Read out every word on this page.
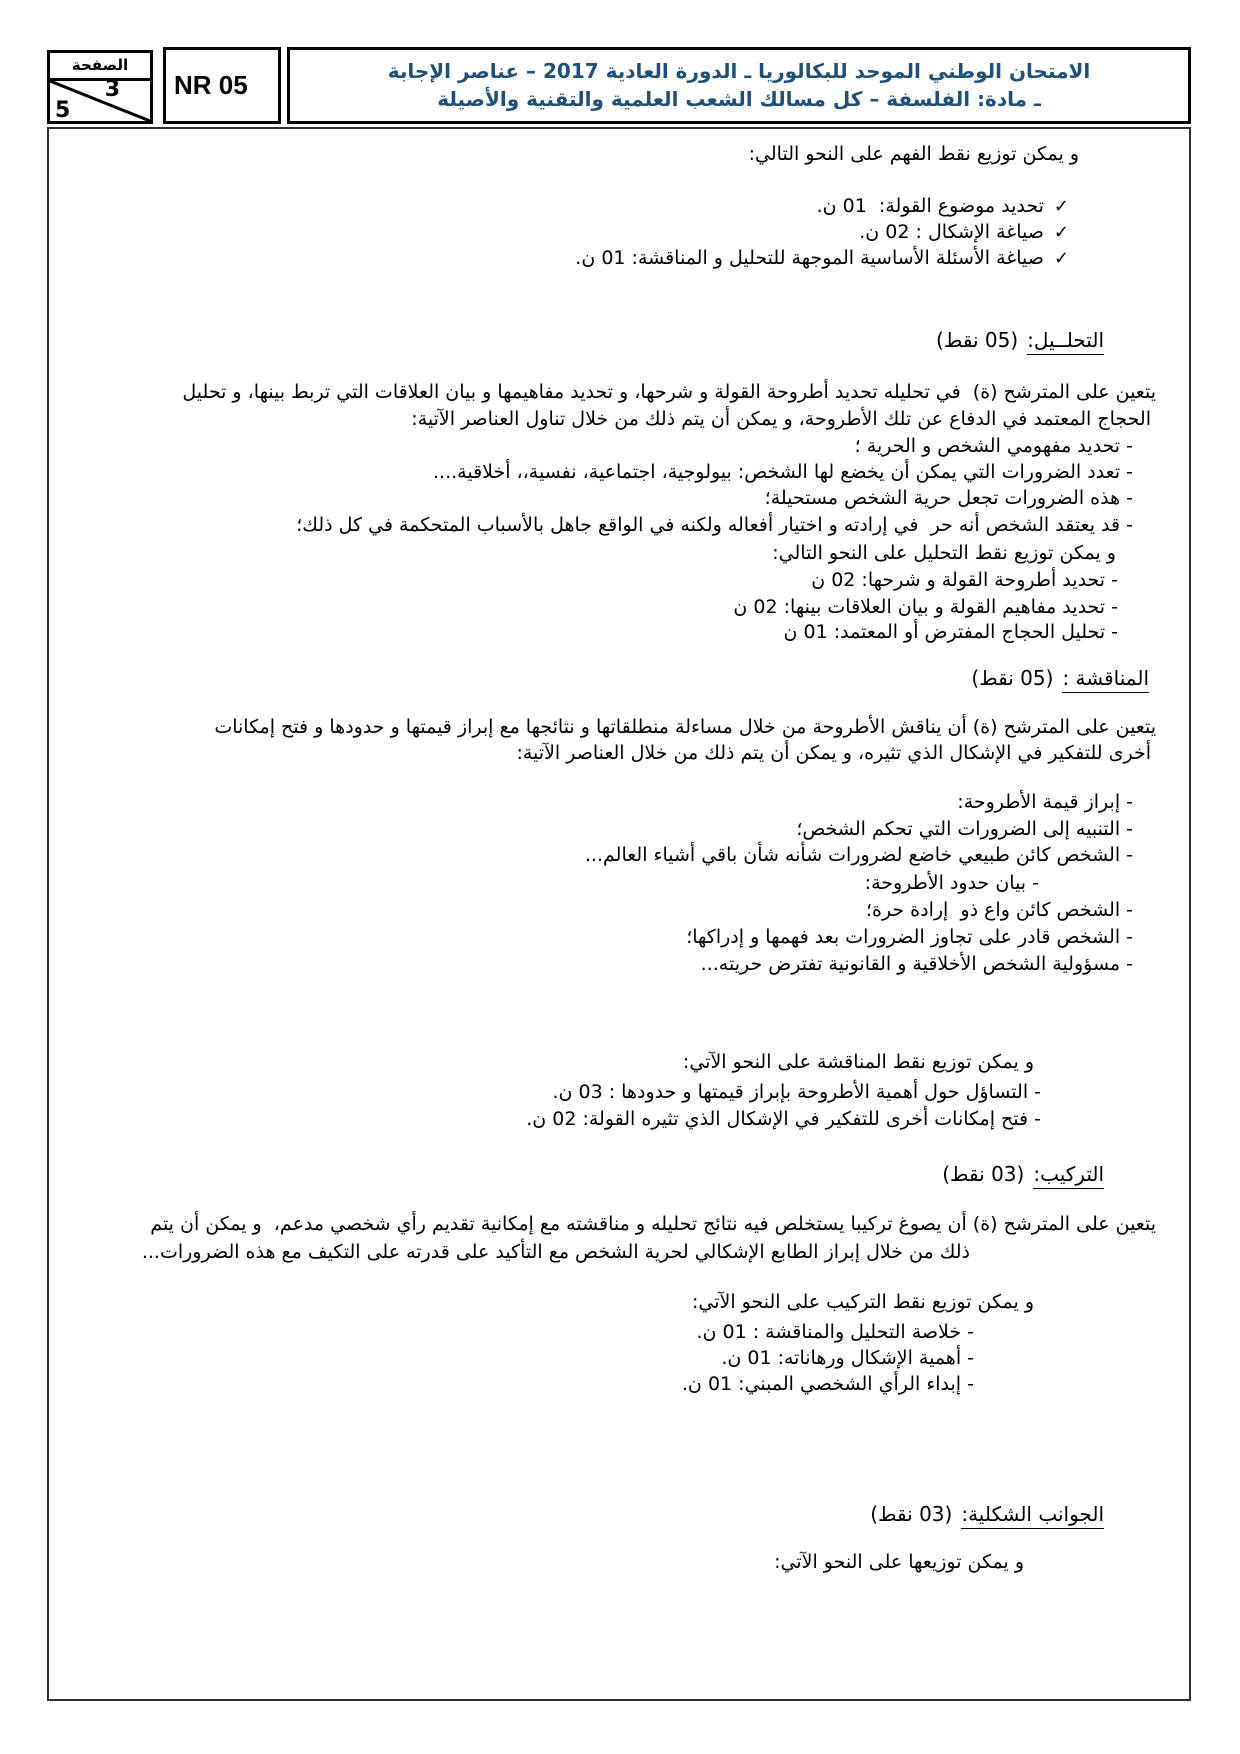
الصفحة
3
5
NR 05	الامتحان الوطني الموحد للبكالوريا ـ الدورة العادية 2017 – عناصر الإجابة
ـ مادة: الفلسفة – كل مسالك الشعب العلمية والتقنية والأصيلة
و يمكن توزيع نقط الفهم على النحو التالي:
✓تحديد موضوع القولة:  01 ن.
✓صياغة الإشكال : 02 ن.
✓صياغة الأسئلة الأساسية الموجهة للتحليل و المناقشة: 01 ن.
التحلــيل:(05 نقط)
يتعين على المترشح (ة)  في تحليله تحديد أطروحة القولة و شرحها، و تحديد مفاهيمها و بيان العلاقات التي تربط بينها، و تحليل
الحجاج المعتمد في الدفاع عن تلك الأطروحة، و يمكن أن يتم ذلك من خلال تناول العناصر الآتية:
- تحديد مفهومي الشخص و الحرية ؛
- تعدد الضرورات التي يمكن أن يخضع لها الشخص: بيولوجية، اجتماعية، نفسية،، أخلاقية....
- هذه الضرورات تجعل حرية الشخص مستحيلة؛
- قد يعتقد الشخص أنه حر  في إرادته و اختيار أفعاله ولكنه في الواقع جاهل بالأسباب المتحكمة في كل ذلك؛
و يمكن توزيع نقط التحليل على النحو التالي:
- تحديد أطروحة القولة و شرحها: 02 ن
- تحديد مفاهيم القولة و بيان العلاقات بينها: 02 ن
- تحليل الحجاج المفترض أو المعتمد: 01 ن
المناقشة :(05 نقط)
يتعين على المترشح (ة) أن يناقش الأطروحة من خلال مساءلة منطلقاتها و نتائجها مع إبراز قيمتها و حدودها و فتح إمكانات
أخرى للتفكير في الإشكال الذي تثيره، و يمكن أن يتم ذلك من خلال العناصر الآتية:
- إبراز قيمة الأطروحة:
- التنبيه إلى الضرورات التي تحكم الشخص؛
- الشخص كائن طبيعي خاضع لضرورات شأنه شأن باقي أشياء العالم...
- بيان حدود الأطروحة:
- الشخص كائن واع ذو  إرادة حرة؛
- الشخص قادر على تجاوز الضرورات بعد فهمها و إدراكها؛
- مسؤولية الشخص الأخلاقية و القانونية تفترض حريته...
و يمكن توزيع نقط المناقشة على النحو الآتي:
- التساؤل حول أهمية الأطروحة بإبراز قيمتها و حدودها : 03 ن.
- فتح إمكانات أخرى للتفكير في الإشكال الذي تثيره القولة: 02 ن.
التركيب:(03 نقط)
يتعين على المترشح (ة) أن يصوغ تركيبا يستخلص فيه نتائج تحليله و مناقشته مع إمكانية تقديم رأي شخصي مدعم،  و يمكن أن يتم
ذلك من خلال إبراز الطابع الإشكالي لحرية الشخص مع التأكيد على قدرته على التكيف مع هذه الضرورات...
و يمكن توزيع نقط التركيب على النحو الآتي:
- خلاصة التحليل والمناقشة : 01 ن.
- أهمية الإشكال ورهاناته: 01 ن.
- إبداء الرأي الشخصي المبني: 01 ن.
الجوانب الشكلية:(03 نقط)
و يمكن توزيعها على النحو الآتي:
